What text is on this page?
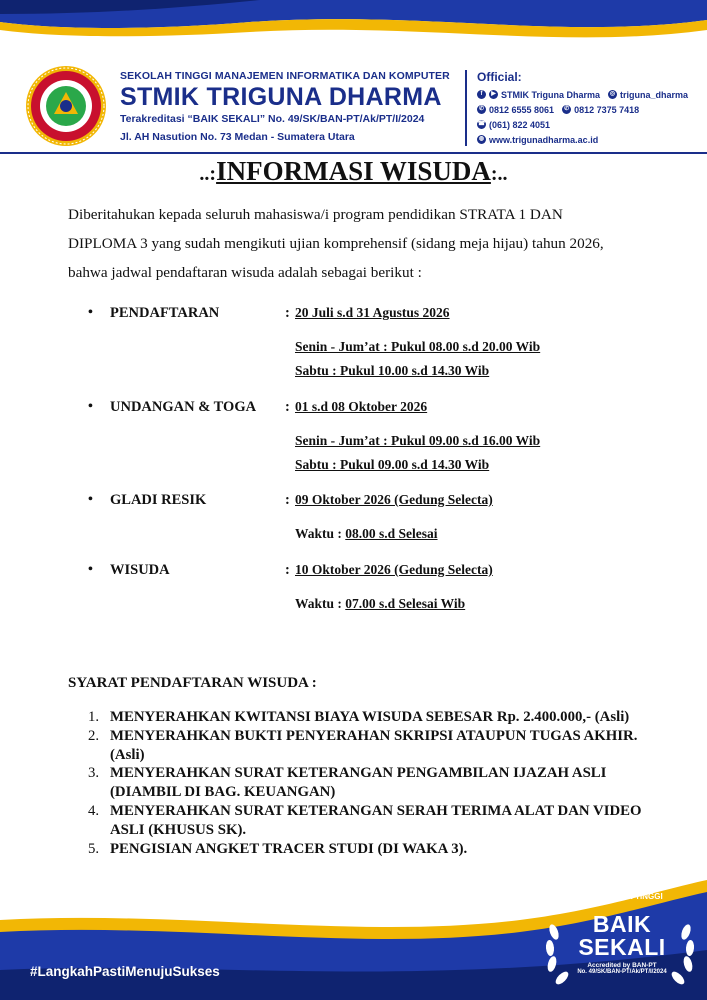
SEKOLAH TINGGI MANAJEMEN INFORMATIKA DAN KOMPUTER
STMIK TRIGUNA DHARMA
Terakreditasi “BAIK SEKALI” No. 49/SK/BAN-PT/Ak/PT/I/2024
Jl. AH Nasution No. 73 Medan - Sumatera Utara
Official:
f	▶ STMIK Triguna Dharma	◎ triguna_dharma
✆ 0812 6555 8061	✆ 0812 7375 7418
☎ (061) 822 4051
◍ www.trigunadharma.ac.id
..:INFORMASI WISUDA:..
Diberitahukan kepada seluruh mahasiswa/i program pendidikan STRATA 1 DAN DIPLOMA 3 yang sudah mengikuti ujian komprehensif (sidang meja hijau) tahun 2026, bahwa jadwal pendaftaran wisuda adalah sebagai berikut :
• PENDAFTARAN	: 20 Juli s.d 31 Agustus 2026
Senin - Jum’at : Pukul 08.00 s.d 20.00 Wib
Sabtu : Pukul 10.00 s.d 14.30 Wib
• UNDANGAN & TOGA : 01 s.d 08 Oktober 2026
Senin - Jum’at : Pukul 09.00 s.d 16.00 Wib
Sabtu : Pukul 09.00 s.d 14.30 Wib
• GLADI RESIK	: 09 Oktober 2026 (Gedung Selecta)
Waktu : 08.00 s.d Selesai
• WISUDA	: 10 Oktober 2026 (Gedung Selecta)
Waktu : 07.00 s.d Selesai Wib
SYARAT PENDAFTARAN WISUDA :
1. MENYERAHKAN KWITANSI BIAYA WISUDA SEBESAR Rp. 2.400.000,- (Asli)
2. MENYERAHKAN BUKTI PENYERAHAN SKRIPSI ATAUPUN TUGAS AKHIR.(Asli)
3. MENYERAHKAN SURAT KETERANGAN PENGAMBILAN IJAZAH ASLI (DIAMBIL DI BAG. KEUANGAN)
4. MENYERAHKAN SURAT KETERANGAN SERAH TERIMA ALAT DAN VIDEO ASLI (KHUSUS SK).
5. PENGISIAN ANGKET TRACER STUDI (DI WAKA 3).
#LangkahPastiMenujuSukses
AKREDITASI
PERGURUAN TINGGI
BAIK
SEKALI
Accredited by BAN-PT
No. 49/SK/BAN-PT/Ak/PT/I/2024
